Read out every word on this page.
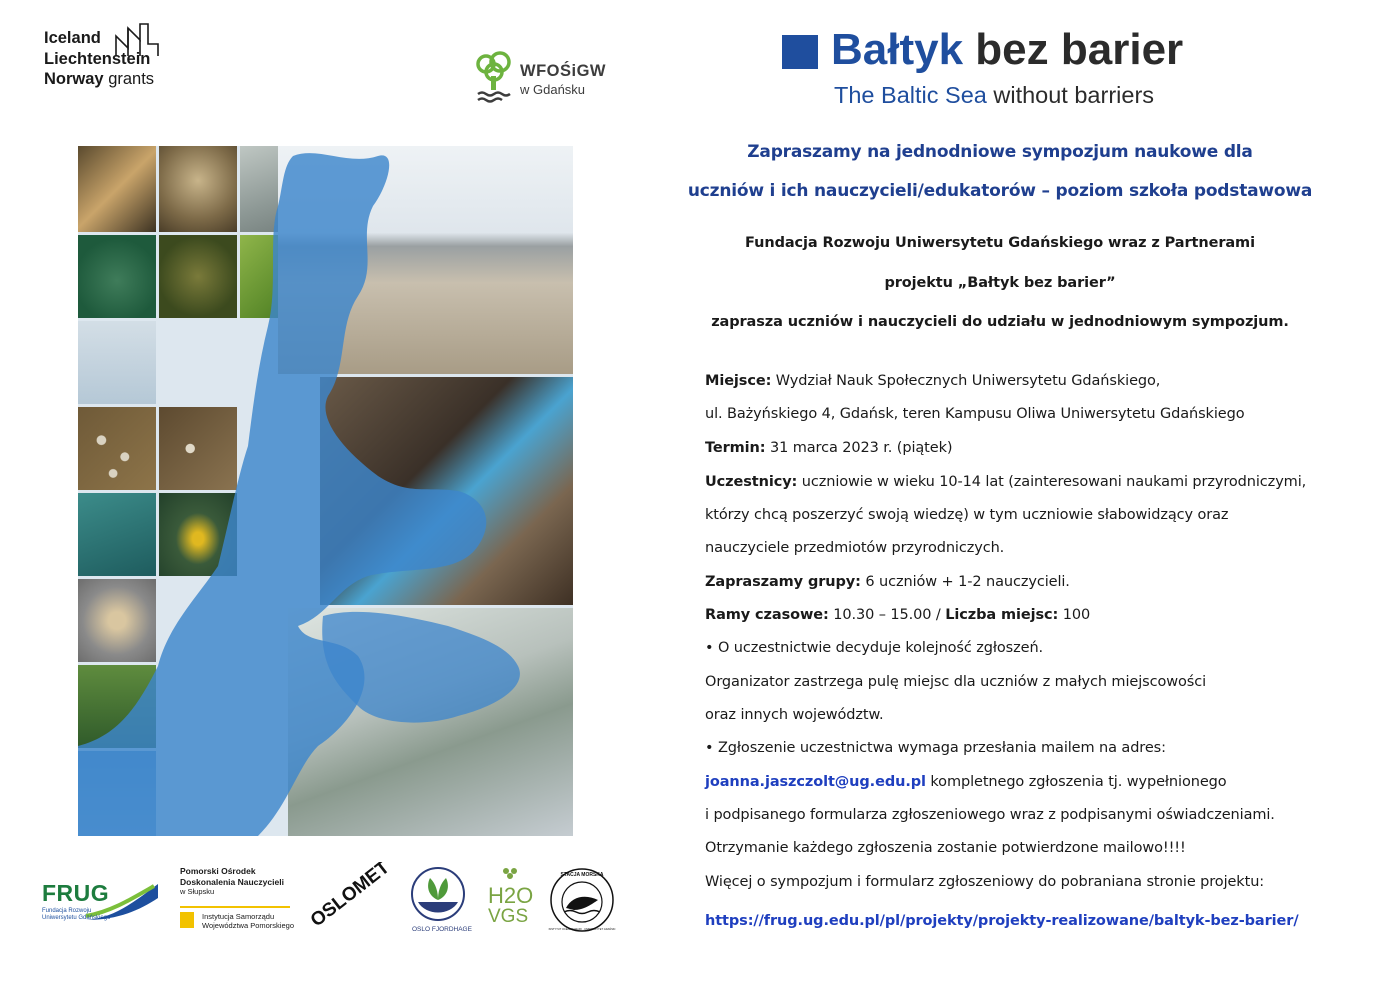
Iceland
Liechtenstein
Norway grants	WFOŚiGW
w Gdańsku
Bałtyk bez barier
The Baltic Sea without barriers
Zapraszamy na jednodniowe sympozjum naukowe dla
uczniów i ich nauczycieli/edukatorów – poziom szkoła podstawowa
Fundacja Rozwoju Uniwersytetu Gdańskiego wraz z Partnerami
projektu „Bałtyk bez barier”
zaprasza uczniów i nauczycieli do udziału w jednodniowym sympozjum.
Miejsce: Wydział Nauk Społecznych Uniwersytetu Gdańskiego,
ul. Bażyńskiego 4, Gdańsk, teren Kampusu Oliwa Uniwersytetu Gdańskiego
Termin: 31 marca 2023 r. (piątek)
Uczestnicy: uczniowie w wieku 10-14 lat (zainteresowani naukami przyrodniczymi,
którzy chcą poszerzyć swoją wiedzę) w tym uczniowie słabowidzący oraz
nauczyciele przedmiotów przyrodniczych.
Zapraszamy grupy: 6 uczniów + 1-2 nauczycieli.
Ramy czasowe: 10.30 – 15.00 / Liczba miejsc: 100
• O uczestnictwie decyduje kolejność zgłoszeń.
Organizator zastrzega pulę miejsc dla uczniów z małych miejscowości
oraz innych województw.
• Zgłoszenie uczestnictwa wymaga przesłania mailem na adres:
joanna.jaszczolt@ug.edu.pl kompletnego zgłoszenia tj. wypełnionego
i podpisanego formularza zgłoszeniowego wraz z podpisanymi oświadczeniami.
Otrzymanie każdego zgłoszenia zostanie potwierdzone mailowo!!!!
Więcej o sympozjum i formularz zgłoszeniowy do pobraniana stronie projektu:
https://frug.ug.edu.pl/pl/projekty/projekty-realizowane/baltyk-bez-barier/
FRUG
Fundacja Rozwoju
Uniwersytetu Gdańskiego
Pomorski Ośrodek
Doskonalenia Nauczycieli
w Słupsku
Instytucja Samorządu
Województwa Pomorskiego OSLOMET	OSLO FJORDHAGE
H2O
VGS
STACJA MORSKA
INSTYTUT OCEANOGRAFII · UNIWERSYTET GDAŃSKI
